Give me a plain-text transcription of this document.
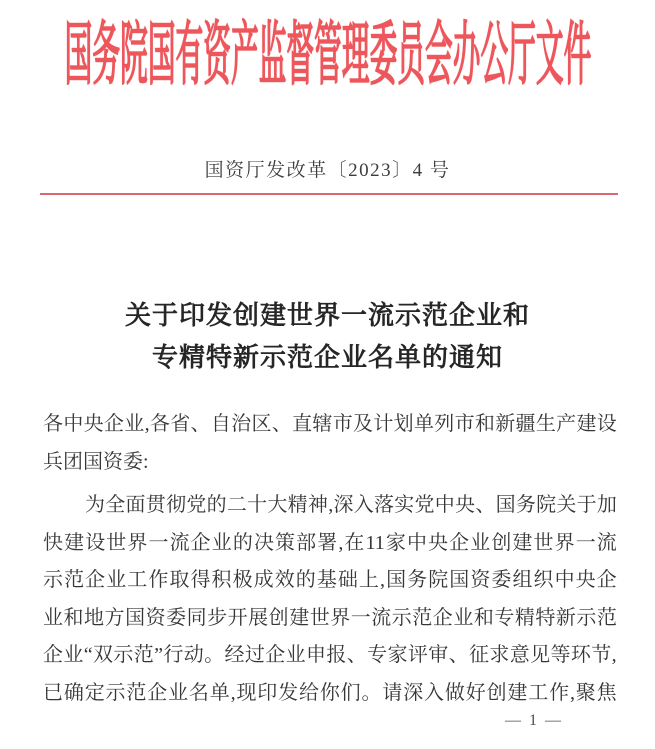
国务院国有资产监督管理委员会办公厅文件
国资厅发改革〔2023〕4 号
关于印发创建世界一流示范企业和
专精特新示范企业名单的通知
各 中 央 企 业 , 各 省 、 自 治 区 、 直 辖 市 及 计 划 单 列 市 和 新 疆 生 产 建 设
兵团国资委:
为 全 面 贯 彻 党 的 二 十 大 精 神 , 深 入 落 实 党 中 央 、 国 务 院 关 于 加
快 建 设 世 界 一 流 企 业 的 决 策 部 署 , 在 11 家 中 央 企 业 创 建 世 界 一 流
示 范 企 业 工 作 取 得 积 极 成 效 的 基 础 上 , 国 务 院 国 资 委 组 织 中 央 企
业 和 地 方 国 资 委 同 步 开 展 创 建 世 界 一 流 示 范 企 业 和 专 精 特 新 示 范
企 业 “ 双 示 范 ” 行 动 。 经 过 企 业 申 报 、 专 家 评 审 、 征 求 意 见 等 环 节 ,
已 确 定 示 范 企 业 名 单 , 现 印 发 给 你 们 。 请 深 入 做 好 创 建 工 作 , 聚 焦
— 1 —
